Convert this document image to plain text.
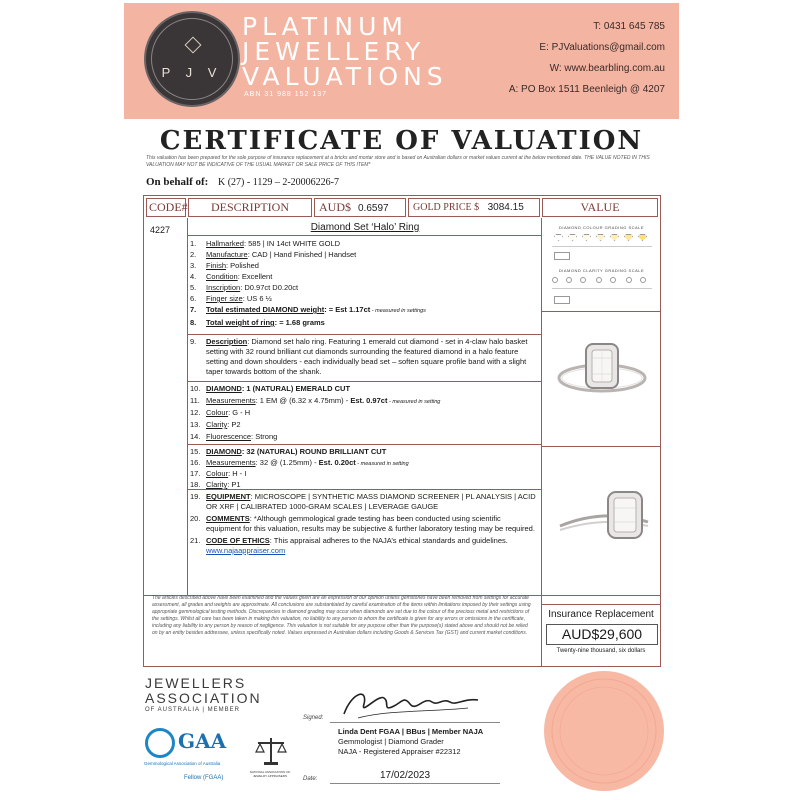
P J V
PLATINUM
JEWELLERY
VALUATIONS
ABN 31 988 152 137
T: 0431 645 785
E: PJValuations@gmail.com
W: www.bearbling.com.au
A: PO Box 1511 Beenleigh @ 4207
CERTIFICATE OF VALUATION
This valuation has been prepared for the sole purpose of insurance replacement at a bricks and mortar store and is based on Australian dollars or market values current at the below mentioned date. THE VALUE NOTED IN THIS VALUATION MAY NOT BE INDICATIVE OF THE USUAL MARKET OR SALE PRICE OF THIS ITEM*
On behalf of: K (27) - 1129 – 2-20006226-7
CODE#	DESCRIPTION	AUD$ 0.6597	GOLD PRICE $ 3084.15	VALUE
4227	Diamond Set ‘Halo’ Ring
1. Hallmarked: 585 | IN 14ct WHITE GOLD
2. Manufacture: CAD | Hand Finished | Handset
3. Finish: Polished
4. Condition: Excellent
5. Inscription: D0.97ct D0.20ct
6. Finger size: US 6 ½
7. Total estimated DIAMOND weight: = Est 1.17ct - measured in settings
8. Total weight of ring: = 1.68 grams
9. Description: Diamond set halo ring. Featuring 1 emerald cut diamond - set in 4-claw halo basket setting with 32 round brilliant cut diamonds surrounding the featured diamond in a halo feature setting and down shoulders - each individually bead set – soften square profile band with a slight taper towards bottom of the shank.
10. DIAMOND: 1 (NATURAL) EMERALD CUT
11. Measurements: 1 EM @ (6.32 x 4.75mm) - Est. 0.97ct - measured in setting
12. Colour: G - H
13. Clarity: P2
14. Fluorescence: Strong
15. DIAMOND: 32 (NATURAL) ROUND BRILLIANT CUT
16. Measurements: 32 @ (1.25mm) - Est. 0.20ct - measured in setting
17. Colour: H - I
18. Clarity: P1
19. EQUIPMENT: MICROSCOPE | SYNTHETIC MASS DIAMOND SCREENER | PL ANALYSIS | ACID OR XRF | CALIBRATED 1000-GRAM SCALES | LEVERAGE GAUGE
20. COMMENTS: *Although gemmological grade testing has been conducted using scientific equipment for this valuation, results may be subjective & further laboratory testing may be required.
21. CODE OF ETHICS: This appraisal adheres to the NAJA’s ethical standards and guidelines.
www.najaappraiser.com
DIAMOND COLOUR GRADING SCALE
DIAMOND CLARITY GRADING SCALE
The articles described above have been examined and the values given are an expression of our opinion unless gemstones have been removed from settings for accurate assessment, all grades and weights are approximate. All conclusions are substantiated by careful examination of the items within limitations imposed by their settings using appropriate gemmological testing methods. Discrepancies in diamond grading may occur when diamonds are set due to the colour of the precious metal and restrictions of the settings. Whilst all care has been taken in making this valuation, no liability to any person to whom the certificate is given for any errors or omissions in the certificate, including any liability to any person by reason of negligence. This valuation is not suitable for any purpose other than the purpose(s) stated above and should not be relied on by an entity besides addressee, unless specifically noted. Values expressed in Australian dollars including Goods & Services Tax (GST) and current market conditions.
Insurance Replacement
AUD$29,600
Twenty-nine thousand, six dollars
JEWELLERS
ASSOCIATION
OF AUSTRALIA | MEMBER
GAA
Gemmological Association of Australia
Fellow (FGAA)
NATIONAL ASSOCIATION OF JEWELRY APPRAISERS
Signed:
Linda Dent FGAA | BBus | Member NAJA
Gemmologist | Diamond Grader
NAJA - Registered Appraiser #22312
Date:	17/02/2023
